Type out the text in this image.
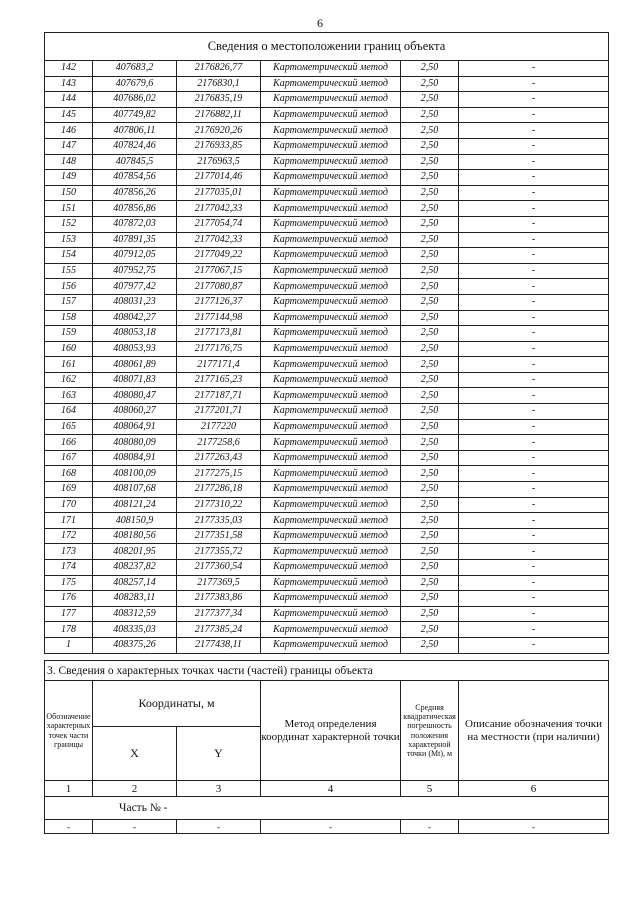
6
Сведения о местоположении границ объекта					
142	407683,2	2176826,77	Картометрический метод	2,50	-
143	407679,6	2176830,1	Картометрический метод	2,50	-
144	407686,02	2176835,19	Картометрический метод	2,50	-
145	407749,82	2176882,11	Картометрический метод	2,50	-
146	407806,11	2176920,26	Картометрический метод	2,50	-
147	407824,46	2176933,85	Картометрический метод	2,50	-
148	407845,5	2176963,5	Картометрический метод	2,50	-
149	407854,56	2177014,46	Картометрический метод	2,50	-
150	407856,26	2177035,01	Картометрический метод	2,50	-
151	407856,86	2177042,33	Картометрический метод	2,50	-
152	407872,03	2177054,74	Картометрический метод	2,50	-
153	407891,35	2177042,33	Картометрический метод	2,50	-
154	407912,05	2177049,22	Картометрический метод	2,50	-
155	407952,75	2177067,15	Картометрический метод	2,50	-
156	407977,42	2177080,87	Картометрический метод	2,50	-
157	408031,23	2177126,37	Картометрический метод	2,50	-
158	408042,27	2177144,98	Картометрический метод	2,50	-
159	408053,18	2177173,81	Картометрический метод	2,50	-
160	408053,93	2177176,75	Картометрический метод	2,50	-
161	408061,89	2177171,4	Картометрический метод	2,50	-
162	408071,83	2177165,23	Картометрический метод	2,50	-
163	408080,47	2177187,71	Картометрический метод	2,50	-
164	408060,27	2177201,71	Картометрический метод	2,50	-
165	408064,91	2177220	Картометрический метод	2,50	-
166	408080,09	2177258,6	Картометрический метод	2,50	-
167	408084,91	2177263,43	Картометрический метод	2,50	-
168	408100,09	2177275,15	Картометрический метод	2,50	-
169	408107,68	2177286,18	Картометрический метод	2,50	-
170	408121,24	2177310,22	Картометрический метод	2,50	-
171	408150,9	2177335,03	Картометрический метод	2,50	-
172	408180,56	2177351,58	Картометрический метод	2,50	-
173	408201,95	2177355,72	Картометрический метод	2,50	-
174	408237,82	2177360,54	Картометрический метод	2,50	-
175	408257,14	2177369,5	Картометрический метод	2,50	-
176	408283,11	2177383,86	Картометрический метод	2,50	-
177	408312,59	2177377,34	Картометрический метод	2,50	-
178	408335,03	2177385,24	Картометрический метод	2,50	-
1	408375,26	2177438,11	Картометрический метод	2,50	-
3. Сведения о характерных точках части (частей) границы объекта					
Обозначение характерных точек части границы	Координаты, м		Метод определения координат характерной точки	Средняя квадратическая погрешность положения характерной точки (Мt), м	Описание обозначения точки на местности (при наличии)
	X	Y			
1	2	3	4	5	6
Часть № -					
-	-	-	-	-	-
